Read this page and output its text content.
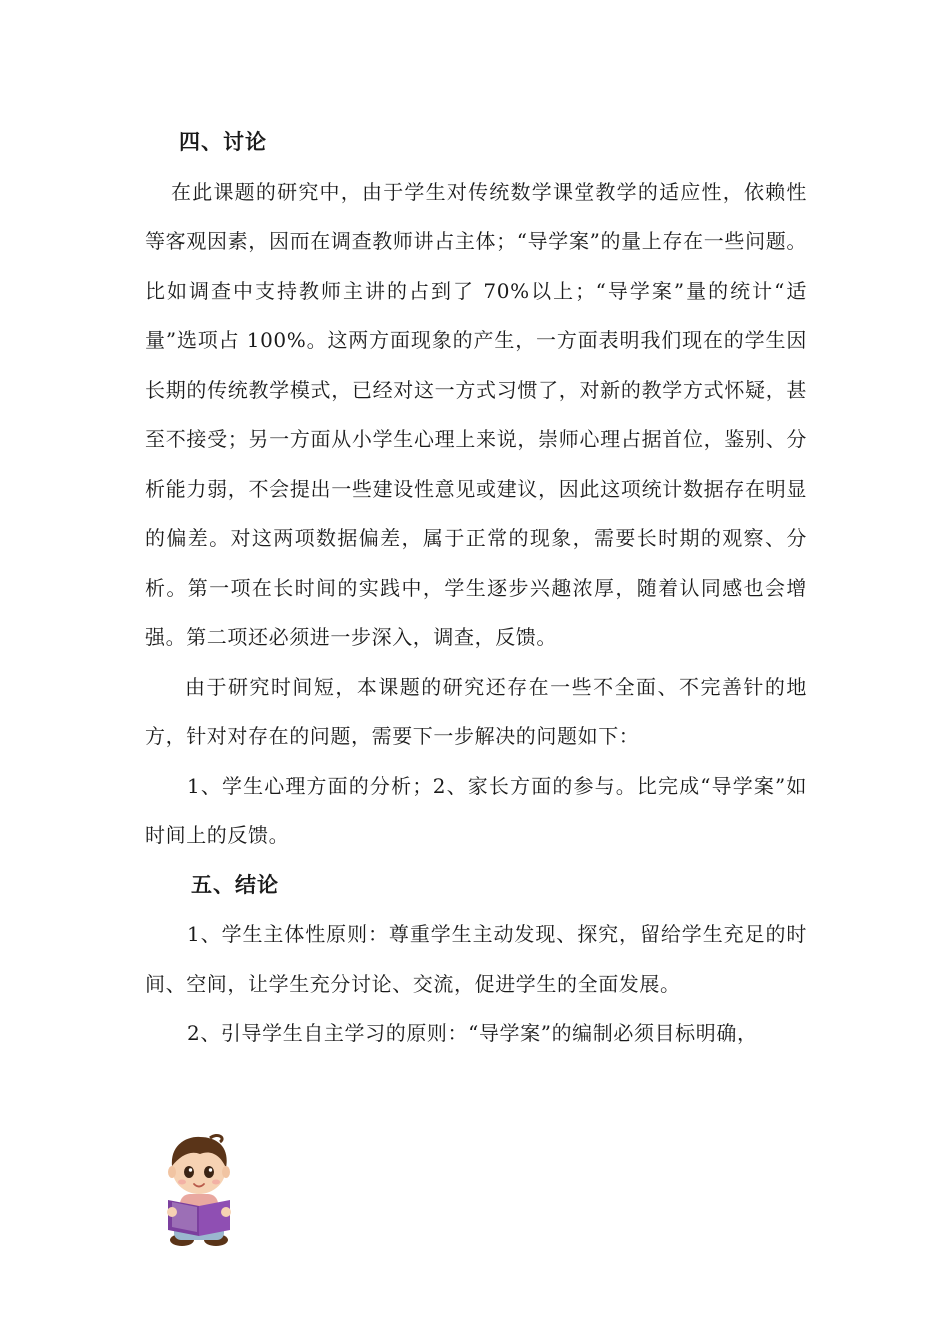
四、讨论

在此课题的研究中，由于学生对传统数学课堂教学的适应性，依赖性等客观因素，因而在调查教师讲占主体；“导学案”的量上存在一些问题。比如调查中支持教师主讲的占到了 70%以上；“导学案”量的统计“适量”选项占 100%。这两方面现象的产生，一方面表明我们现在的学生因长期的传统教学模式，已经对这一方式习惯了，对新的教学方式怀疑，甚至不接受；另一方面从小学生心理上来说，崇师心理占据首位，鉴别、分析能力弱，不会提出一些建设性意见或建议，因此这项统计数据存在明显的偏差。对这两项数据偏差，属于正常的现象，需要长时期的观察、分析。第一项在长时间的实践中，学生逐步兴趣浓厚，随着认同感也会增强。第二项还必须进一步深入，调查，反馈。

由于研究时间短，本课题的研究还存在一些不全面、不完善针的地方，针对对存在的问题，需要下一步解决的问题如下：

1、学生心理方面的分析；2、家长方面的参与。比完成“导学案”如时间上的反馈。

五、结论

1、学生主体性原则：尊重学生主动发现、探究，留给学生充足的时间、空间，让学生充分讨论、交流，促进学生的全面发展。

2、引导学生自主学习的原则：“导学案”的编制必须目标明确，
